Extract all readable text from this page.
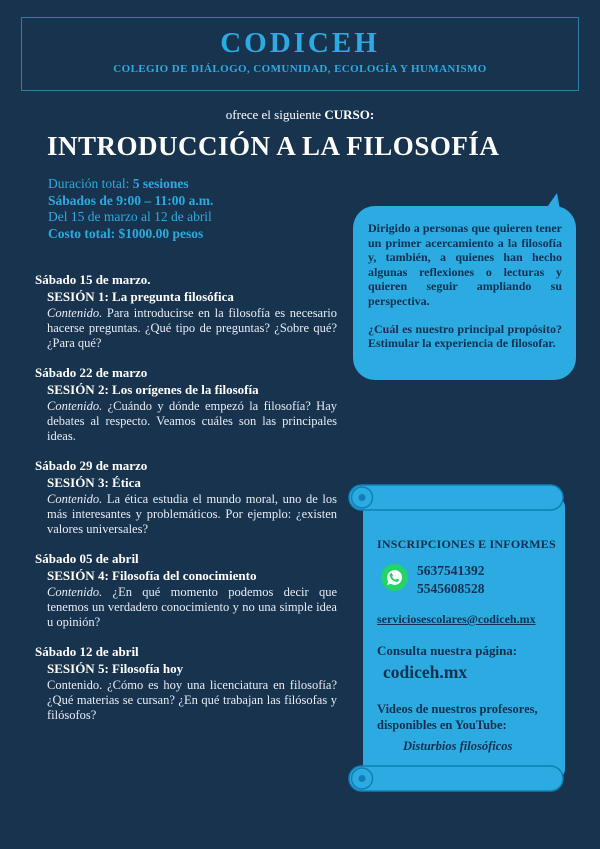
CODICEH
COLEGIO DE DIÁLOGO, COMUNIDAD, ECOLOGÍA Y HUMANISMO
ofrece el siguiente CURSO:
INTRODUCCIÓN A LA FILOSOFÍA
Duración total: 5 sesiones
Sábados de 9:00 – 11:00 a.m.
Del 15 de marzo al 12 de abril
Costo total: $1000.00 pesos	Dirigido a personas que quieren tener un primer acercamiento a la filosofía y, también, a quienes han hecho algunas reflexiones o lecturas y quieren seguir ampliando su perspectiva.

¿Cuál es nuestro principal propósito? Estimular la experiencia de filosofar.

Sábado 15 de marzo.
SESIÓN 1: La pregunta filosófica
Contenido. Para introducirse en la filosofía es necesario hacerse preguntas. ¿Qué tipo de preguntas? ¿Sobre qué? ¿Para qué?
Sábado 22 de marzo
SESIÓN 2: Los orígenes de la filosofía
Contenido. ¿Cuándo y dónde empezó la filosofía? Hay debates al respecto. Veamos cuáles son las principales ideas.
Sábado 29 de marzo
SESIÓN 3: Ética
Contenido. La ética estudia el mundo moral, uno de los más interesantes y problemáticos. Por ejemplo: ¿existen valores universales?
Sábado 05 de abril
SESIÓN 4: Filosofía del conocimiento
Contenido. ¿En qué momento podemos decir que tenemos un verdadero conocimiento y no una simple idea u opinión?
Sábado 12 de abril
SESIÓN 5: Filosofía hoy
Contenido. ¿Cómo es hoy una licenciatura en filosofía? ¿Qué materias se cursan? ¿En qué trabajan las filósofas y filósofos?
INSCRIPCIONES E INFORMES
5637541392
5545608528
serviciosescolares@codiceh.mx
Consulta nuestra página:
codiceh.mx
Videos de nuestros profesores, disponibles en YouTube:
Disturbios filosóficos
